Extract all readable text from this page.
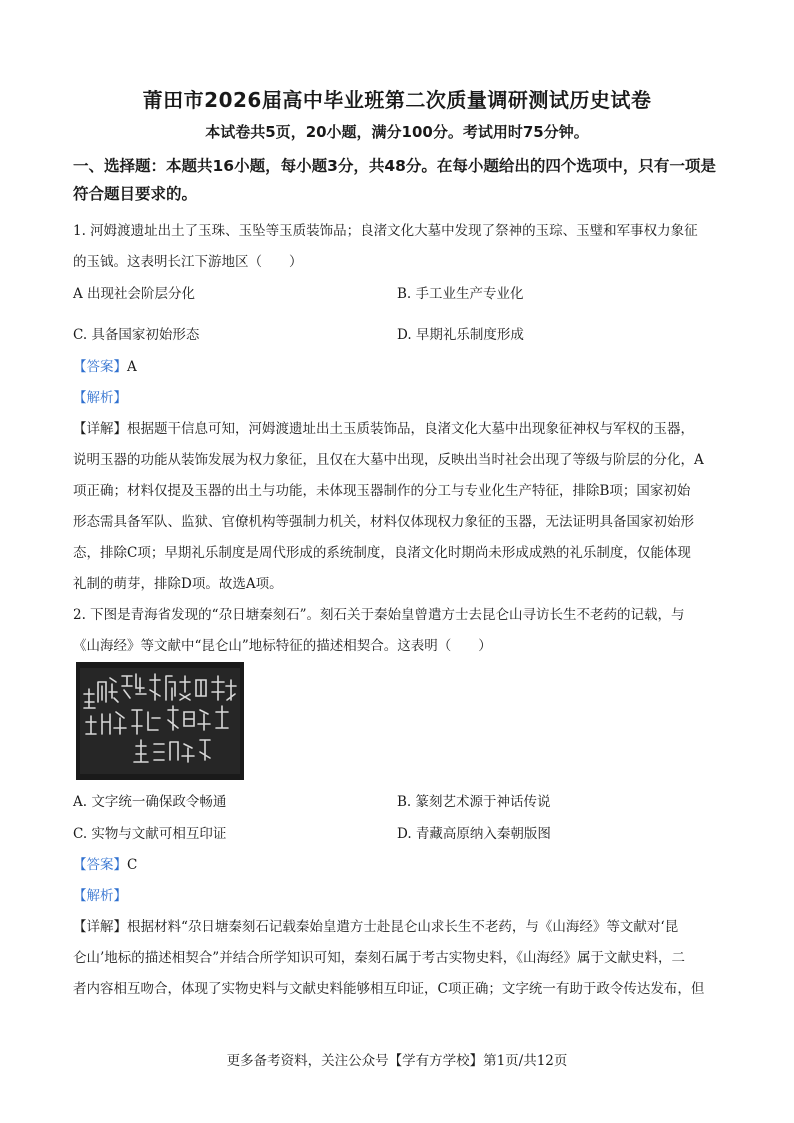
莆田市2026届高中毕业班第二次质量调研测试历史试卷
本试卷共5页，20小题，满分100分。考试用时75分钟。
一、选择题：本题共16小题，每小题3分，共48分。在每小题给出的四个选项中，只有一项是符合题目要求的。
1. 河姆渡遗址出土了玉珠、玉坠等玉质装饰品；良渚文化大墓中发现了祭神的玉琮、玉璧和军事权力象征
的玉钺。这表明长江下游地区（　　）
A 出现社会阶层分化	B. 手工业生产专业化
C. 具备国家初始形态	D. 早期礼乐制度形成
【答案】A
【解析】
【详解】根据题干信息可知，河姆渡遗址出土玉质装饰品，良渚文化大墓中出现象征神权与军权的玉器，
说明玉器的功能从装饰发展为权力象征，且仅在大墓中出现，反映出当时社会出现了等级与阶层的分化，A
项正确；材料仅提及玉器的出土与功能，未体现玉器制作的分工与专业化生产特征，排除B项；国家初始
形态需具备军队、监狱、官僚机构等强制力机关，材料仅体现权力象征的玉器，无法证明具备国家初始形
态，排除C项；早期礼乐制度是周代形成的系统制度，良渚文化时期尚未形成成熟的礼乐制度，仅能体现
礼制的萌芽，排除D项。故选A项。
2. 下图是青海省发现的“尕日塘秦刻石”。刻石关于秦始皇曾遣方士去昆仑山寻访长生不老药的记载，与
《山海经》等文献中“昆仑山”地标特征的描述相契合。这表明（　　）
A. 文字统一确保政令畅通	B. 篆刻艺术源于神话传说
C. 实物与文献可相互印证	D. 青藏高原纳入秦朝版图
【答案】C
【解析】
【详解】根据材料“尕日塘秦刻石记载秦始皇遣方士赴昆仑山求长生不老药，与《山海经》等文献对‘昆
仑山’地标的描述相契合”并结合所学知识可知，秦刻石属于考古实物史料，《山海经》属于文献史料，二
者内容相互吻合，体现了实物史料与文献史料能够相互印证，C项正确；文字统一有助于政令传达发布，但
更多备考资料，关注公众号【学有方学校】第1页/共12页
